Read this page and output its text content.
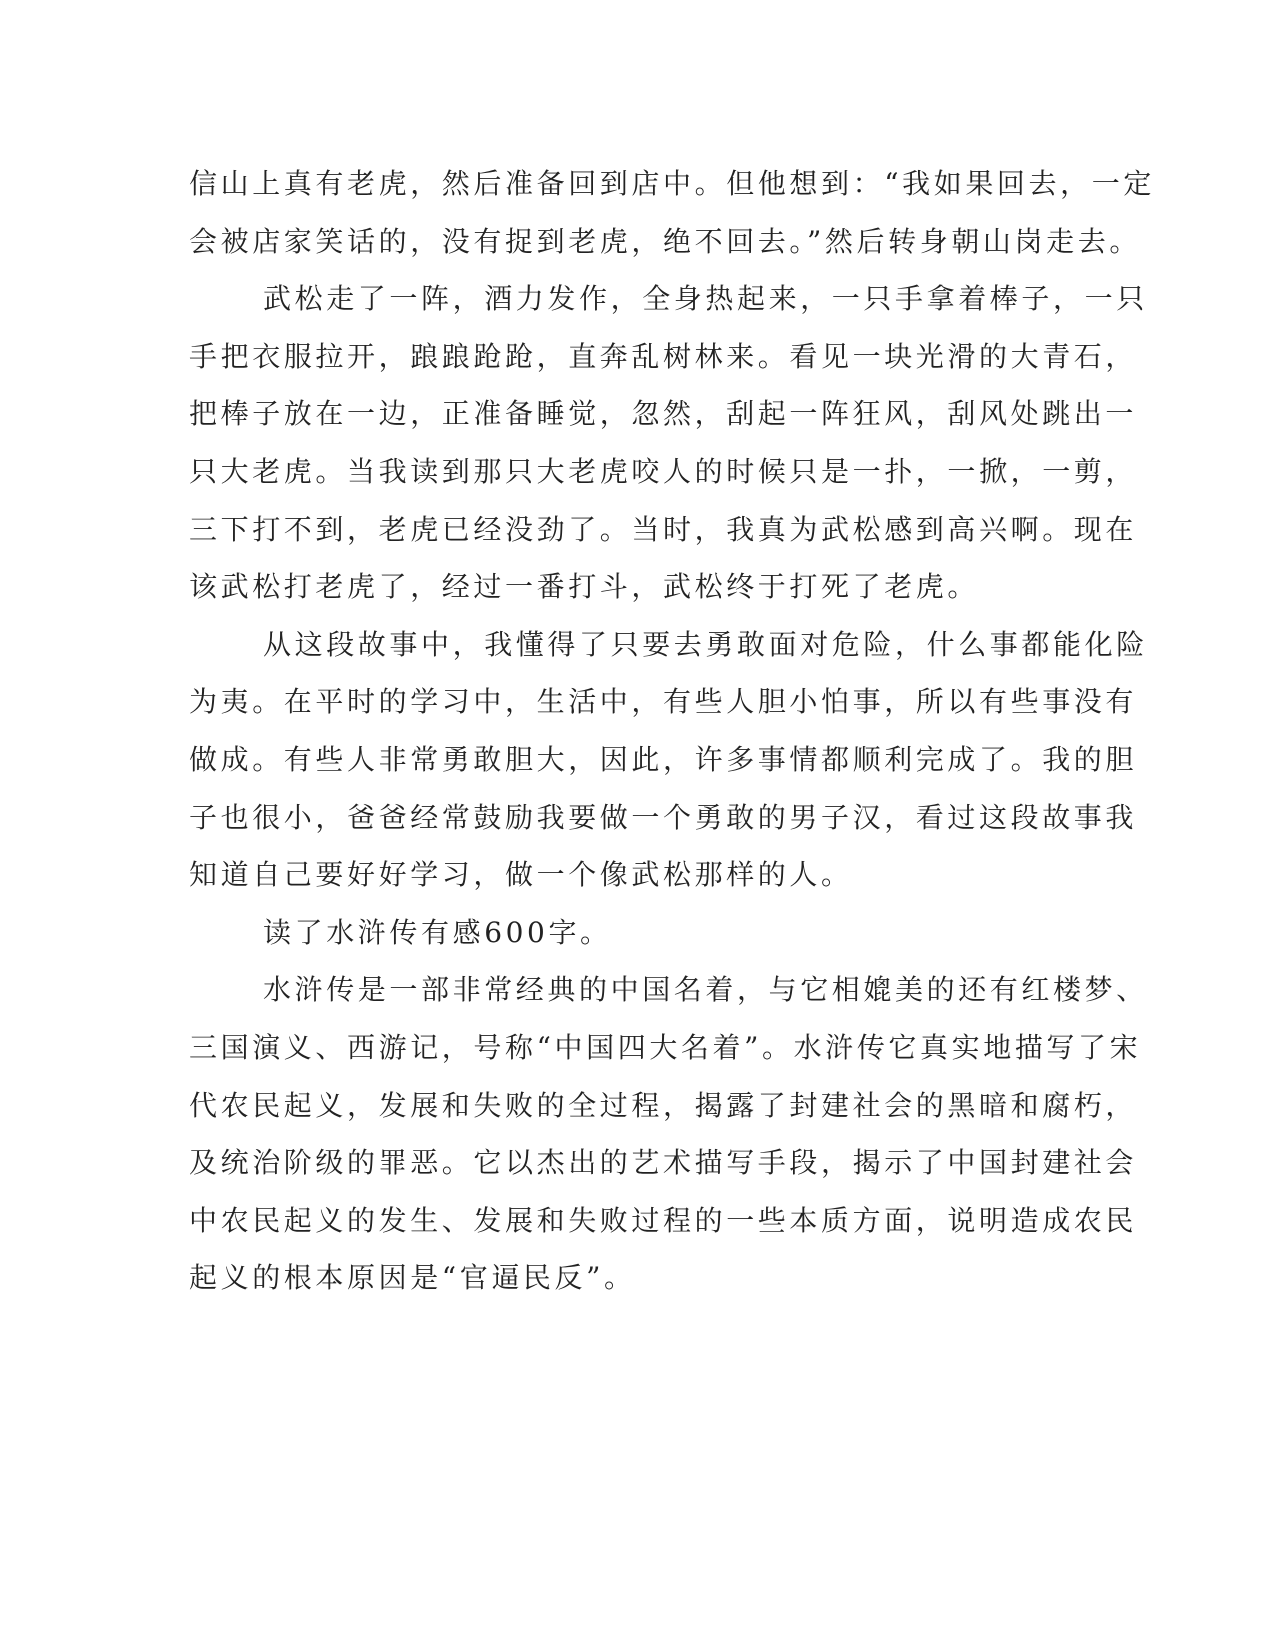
信山上真有老虎，然后准备回到店中。但他想到：“我如果回去，一定
会被店家笑话的，没有捉到老虎，绝不回去。”然后转身朝山岗走去。
武松走了一阵，酒力发作，全身热起来，一只手拿着棒子，一只
手把衣服拉开，踉踉跄跄，直奔乱树林来。看见一块光滑的大青石，
把棒子放在一边，正准备睡觉，忽然，刮起一阵狂风，刮风处跳出一
只大老虎。当我读到那只大老虎咬人的时候只是一扑，一掀，一剪，
三下打不到，老虎已经没劲了。当时，我真为武松感到高兴啊。现在
该武松打老虎了，经过一番打斗，武松终于打死了老虎。
从这段故事中，我懂得了只要去勇敢面对危险，什么事都能化险
为夷。在平时的学习中，生活中，有些人胆小怕事，所以有些事没有
做成。有些人非常勇敢胆大，因此，许多事情都顺利完成了。我的胆
子也很小，爸爸经常鼓励我要做一个勇敢的男子汉，看过这段故事我
知道自己要好好学习，做一个像武松那样的人。
读了水浒传有感600字。
水浒传是一部非常经典的中国名着，与它相媲美的还有红楼梦、
三国演义、西游记，号称“中国四大名着”。水浒传它真实地描写了宋
代农民起义，发展和失败的全过程，揭露了封建社会的黑暗和腐朽，
及统治阶级的罪恶。它以杰出的艺术描写手段，揭示了中国封建社会
中农民起义的发生、发展和失败过程的一些本质方面，说明造成农民
起义的根本原因是“官逼民反”。
